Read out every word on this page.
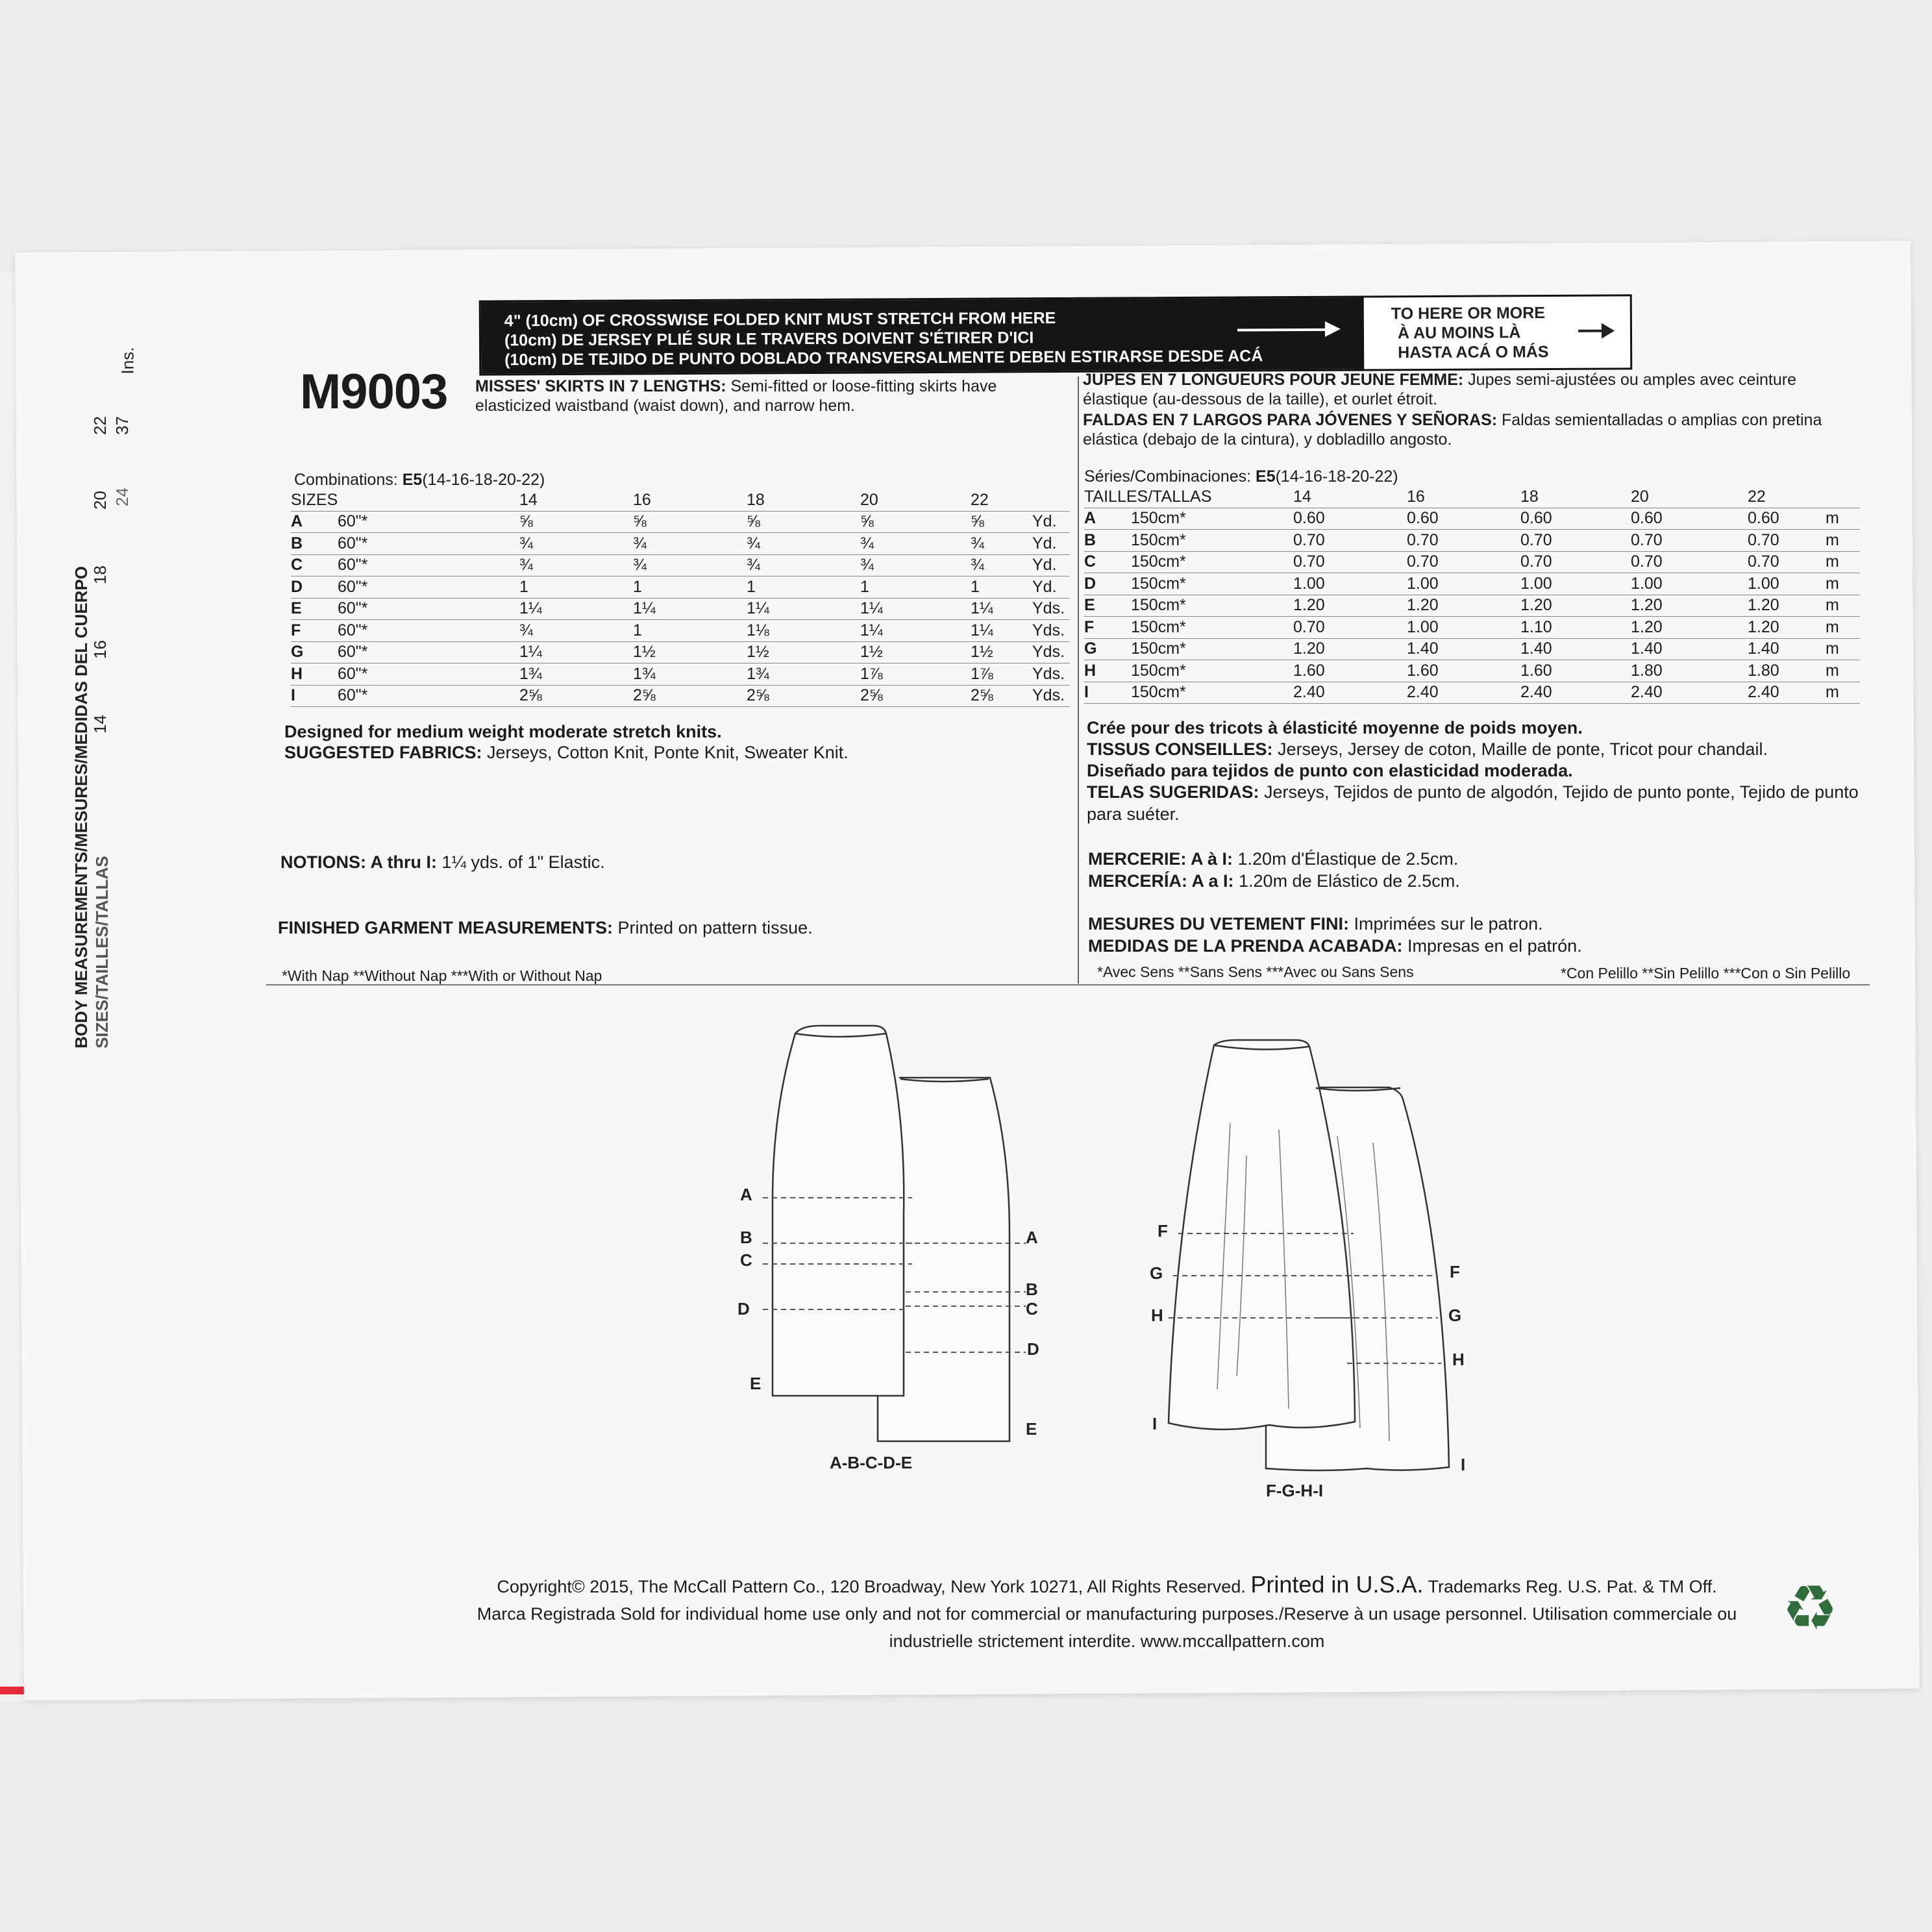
BODY MEASUREMENTS/MESURES/MEDIDAS DEL CUERPO SIZES/TAILLES/TALLAS
14
16
18
20
22
24
37
Ins.
4" (10cm) OF CROSSWISE FOLDED KNIT MUST STRETCH FROM HERE
(10cm) DE JERSEY PLIÉ SUR LE TRAVERS DOIVENT S'ÉTIRER D'ICI
(10cm) DE TEJIDO DE PUNTO DOBLADO TRANSVERSALMENTE DEBEN ESTIRARSE DESDE ACÁ
TO HERE OR MORE
À AU MOINS LÀ
HASTA ACÁ O MÁS
M9003 MISSES' SKIRTS IN 7 LENGTHS: Semi-fitted or loose-fitting skirts have elasticized waistband (waist down), and narrow hem.
JUPES EN 7 LONGUEURS POUR JEUNE FEMME: Jupes semi-ajustées ou amples avec ceinture élastique (au-dessous de la taille), et ourlet étroit.
FALDAS EN 7 LARGOS PARA JÓVENES Y SEÑORAS: Faldas semientalladas o amplias con pretina elástica (debajo de la cintura), y dobladillo angosto.
Combinations: E5(14-16-18-20-22)
SIZES		14	16	18	20	22	
A	60"*	⅝	⅝	⅝	⅝	⅝	Yd.
B	60"*	¾	¾	¾	¾	¾	Yd.
C	60"*	¾	¾	¾	¾	¾	Yd.
D	60"*	1	1	1	1	1	Yd.
E	60"*	1¼	1¼	1¼	1¼	1¼	Yds.
F	60"*	¾	1	1⅛	1¼	1¼	Yds.
G	60"*	1¼	1½	1½	1½	1½	Yds.
H	60"*	1¾	1¾	1¾	1⅞	1⅞	Yds.
I	60"*	2⅝	2⅝	2⅝	2⅝	2⅝	Yds.
Séries/Combinaciones: E5(14-16-18-20-22)
TAILLES/TALLAS		14	16	18	20	22	
A	150cm*	0.60	0.60	0.60	0.60	0.60	m
B	150cm*	0.70	0.70	0.70	0.70	0.70	m
C	150cm*	0.70	0.70	0.70	0.70	0.70	m
D	150cm*	1.00	1.00	1.00	1.00	1.00	m
E	150cm*	1.20	1.20	1.20	1.20	1.20	m
F	150cm*	0.70	1.00	1.10	1.20	1.20	m
G	150cm*	1.20	1.40	1.40	1.40	1.40	m
H	150cm*	1.60	1.60	1.60	1.80	1.80	m
I	150cm*	2.40	2.40	2.40	2.40	2.40	m
Designed for medium weight moderate stretch knits.
SUGGESTED FABRICS: Jerseys, Cotton Knit, Ponte Knit, Sweater Knit.
NOTIONS: A thru I: 1¼ yds. of 1" Elastic.
FINISHED GARMENT MEASUREMENTS: Printed on pattern tissue.
*With Nap **Without Nap ***With or Without Nap
Crée pour des tricots à élasticité moyenne de poids moyen.
TISSUS CONSEILLES: Jerseys, Jersey de coton, Maille de ponte, Tricot pour chandail.
Diseñado para tejidos de punto con elasticidad moderada.
TELAS SUGERIDAS: Jerseys, Tejidos de punto de algodón, Tejido de punto ponte, Tejido de punto para suéter.
MERCERIE: A à I: 1.20m d'Élastique de 2.5cm.
MERCERÍA: A a I: 1.20m de Elástico de 2.5cm.
MESURES DU VETEMENT FINI: Imprimées sur le patron.
MEDIDAS DE LA PRENDA ACABADA: Impresas en el patrón.
*Avec Sens **Sans Sens ***Avec ou Sans Sens	*Con Pelillo **Sin Pelillo ***Con o Sin Pelillo
A
B
C
D
E
A
B
C
D
E
A-B-C-D-E
F
G
H
I
F
G
H
I
F-G-H-I
Copyright© 2015, The McCall Pattern Co., 120 Broadway, New York 10271, All Rights Reserved. Printed in U.S.A. Trademarks Reg. U.S. Pat. & TM Off.
Marca Registrada Sold for individual home use only and not for commercial or manufacturing purposes./Reserve à un usage personnel. Utilisation commerciale ou
industrielle strictement interdite. www.mccallpattern.com	♻
